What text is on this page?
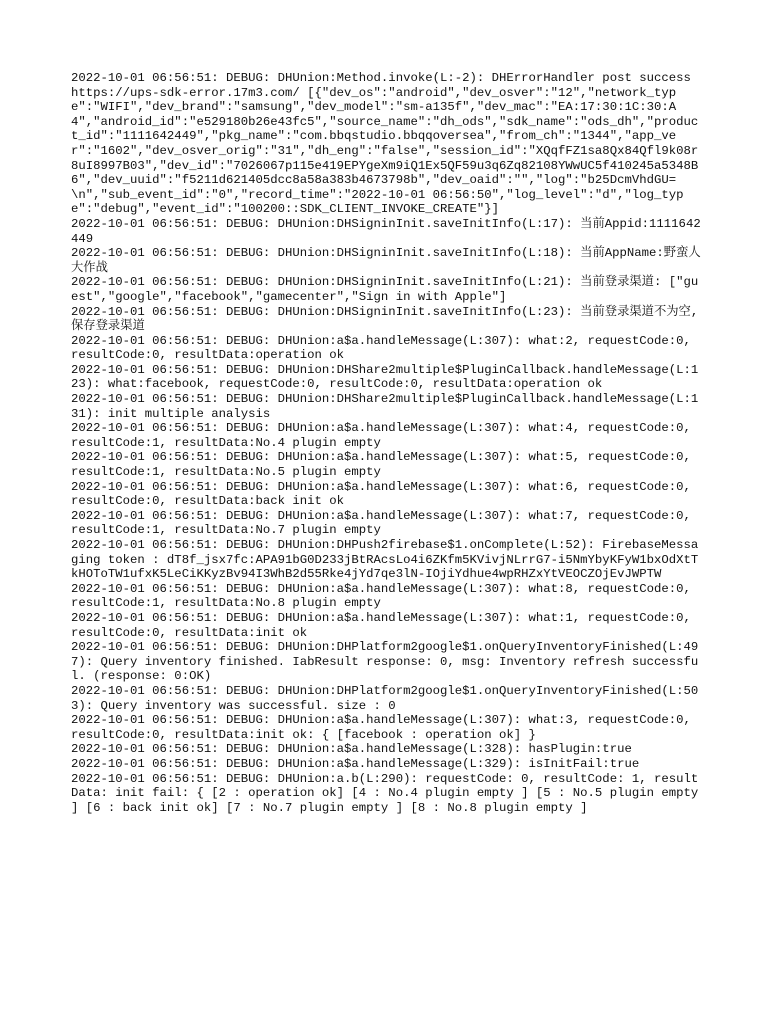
2022-10-01 06:56:51: DEBUG: DHUnion:Method.invoke(L:-2): DHErrorHandler post success https://ups-sdk-error.17m3.com/ [{"dev_os":"android","dev_osver":"12","network_type":"WIFI","dev_brand":"samsung","dev_model":"sm-a135f","dev_mac":"EA:17:30:1C:30:A4","android_id":"e529180b26e43fc5","source_name":"dh_ods","sdk_name":"ods_dh","product_id":"1111642449","pkg_name":"com.bbqstudio.bbqqoversea","from_ch":"1344","app_ver":"1602","dev_osver_orig":"31","dh_eng":"false","session_id":"XQqfFZ1sa8Qx84Qfl9k08r8uI8997B03","dev_id":"7026067p115e419EPYgeXm9iQ1Ex5QF59u3q6Zq82108YWwUC5f410245a5348B6","dev_uuid":"f5211d621405dcc8a58a383b4673798b","dev_oaid":"","log":"b25DcmVhdGU=\n","sub_event_id":"0","record_time":"2022-10-01 06:56:50","log_level":"d","log_type":"debug","event_id":"100200::SDK_CLIENT_INVOKE_CREATE"}]

2022-10-01 06:56:51: DEBUG: DHUnion:DHSigninInit.saveInitInfo(L:17): 当前Appid:1111642449

2022-10-01 06:56:51: DEBUG: DHUnion:DHSigninInit.saveInitInfo(L:18): 当前AppName:野蛮人大作战

2022-10-01 06:56:51: DEBUG: DHUnion:DHSigninInit.saveInitInfo(L:21): 当前登录渠道: ["guest","google","facebook","gamecenter","Sign in with Apple"]

2022-10-01 06:56:51: DEBUG: DHUnion:DHSigninInit.saveInitInfo(L:23): 当前登录渠道不为空,保存登录渠道

2022-10-01 06:56:51: DEBUG: DHUnion:a$a.handleMessage(L:307): what:2, requestCode:0, resultCode:0, resultData:operation ok

2022-10-01 06:56:51: DEBUG: DHUnion:DHShare2multiple$PluginCallback.handleMessage(L:123): what:facebook, requestCode:0, resultCode:0, resultData:operation ok

2022-10-01 06:56:51: DEBUG: DHUnion:DHShare2multiple$PluginCallback.handleMessage(L:131): init multiple analysis

2022-10-01 06:56:51: DEBUG: DHUnion:a$a.handleMessage(L:307): what:4, requestCode:0, resultCode:1, resultData:No.4 plugin empty

2022-10-01 06:56:51: DEBUG: DHUnion:a$a.handleMessage(L:307): what:5, requestCode:0, resultCode:1, resultData:No.5 plugin empty

2022-10-01 06:56:51: DEBUG: DHUnion:a$a.handleMessage(L:307): what:6, requestCode:0, resultCode:0, resultData:back init ok

2022-10-01 06:56:51: DEBUG: DHUnion:a$a.handleMessage(L:307): what:7, requestCode:0, resultCode:1, resultData:No.7 plugin empty

2022-10-01 06:56:51: DEBUG: DHUnion:DHPush2firebase$1.onComplete(L:52): FirebaseMessaging token : dT8f_jsx7fc:APA91bG0D233jBtRAcsLo4i6ZKfm5KVivjNLrrG7-i5NmYbyKFyW1bxOdXtTkHOToTW1ufxK5LeCiKKyzBv94I3WhB2d55Rke4jYd7qe3lN-IOjiYdhue4wpRHZxYtVEOCZOjEvJWPTW

2022-10-01 06:56:51: DEBUG: DHUnion:a$a.handleMessage(L:307): what:8, requestCode:0, resultCode:1, resultData:No.8 plugin empty

2022-10-01 06:56:51: DEBUG: DHUnion:a$a.handleMessage(L:307): what:1, requestCode:0, resultCode:0, resultData:init ok

2022-10-01 06:56:51: DEBUG: DHUnion:DHPlatform2google$1.onQueryInventoryFinished(L:497): Query inventory finished. IabResult response: 0, msg: Inventory refresh successful. (response: 0:OK)

2022-10-01 06:56:51: DEBUG: DHUnion:DHPlatform2google$1.onQueryInventoryFinished(L:503): Query inventory was successful. size : 0

2022-10-01 06:56:51: DEBUG: DHUnion:a$a.handleMessage(L:307): what:3, requestCode:0, resultCode:0, resultData:init ok: { [facebook : operation ok] }

2022-10-01 06:56:51: DEBUG: DHUnion:a$a.handleMessage(L:328): hasPlugin:true

2022-10-01 06:56:51: DEBUG: DHUnion:a$a.handleMessage(L:329): isInitFail:true

2022-10-01 06:56:51: DEBUG: DHUnion:a.b(L:290): requestCode: 0, resultCode: 1, resultData: init fail: { [2 : operation ok] [4 : No.4 plugin empty ] [5 : No.5 plugin empty ] [6 : back init ok] [7 : No.7 plugin empty ] [8 : No.8 plugin empty ]
